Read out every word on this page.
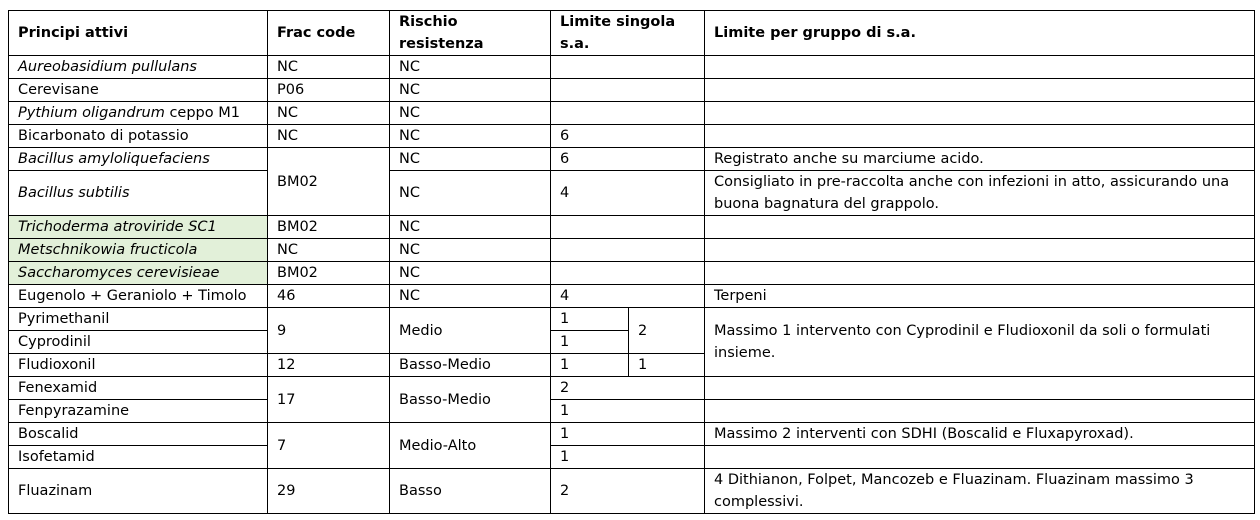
Principi attivi	Frac code	Rischio resistenza	Limite singola s.a.		Limite per gruppo di s.a.
Aureobasidium pullulans	NC	NC			
Cerevisane	P06	NC			
Pythium oligandrum ceppo M1	NC	NC			
Bicarbonato di potassio	NC	NC	6		
Bacillus amyloliquefaciens	BM02	NC	6		Registrato anche su marciume acido.
Bacillus subtilis		NC	4		Consigliato in pre-raccolta anche con infezioni in atto, assicurando una buona bagnatura del grappolo.
Trichoderma atroviride SC1	BM02	NC			
Metschnikowia fructicola	NC	NC			
Saccharomyces cerevisieae	BM02	NC			
Eugenolo + Geraniolo + Timolo	46	NC	4		Terpeni
Pyrimethanil	9	Medio	1	2	Massimo 1 intervento con Cyprodinil e Fludioxonil da soli o formulati insieme.
Cyprodinil			1		
Fludioxonil	12	Basso-Medio	1	1	
Fenexamid	17	Basso-Medio	2		
Fenpyrazamine			1		
Boscalid	7	Medio-Alto	1		Massimo 2 interventi con SDHI (Boscalid e Fluxapyroxad).
Isofetamid			1		
Fluazinam	29	Basso	2		4 Dithianon, Folpet, Mancozeb e Fluazinam. Fluazinam massimo 3 complessivi.
